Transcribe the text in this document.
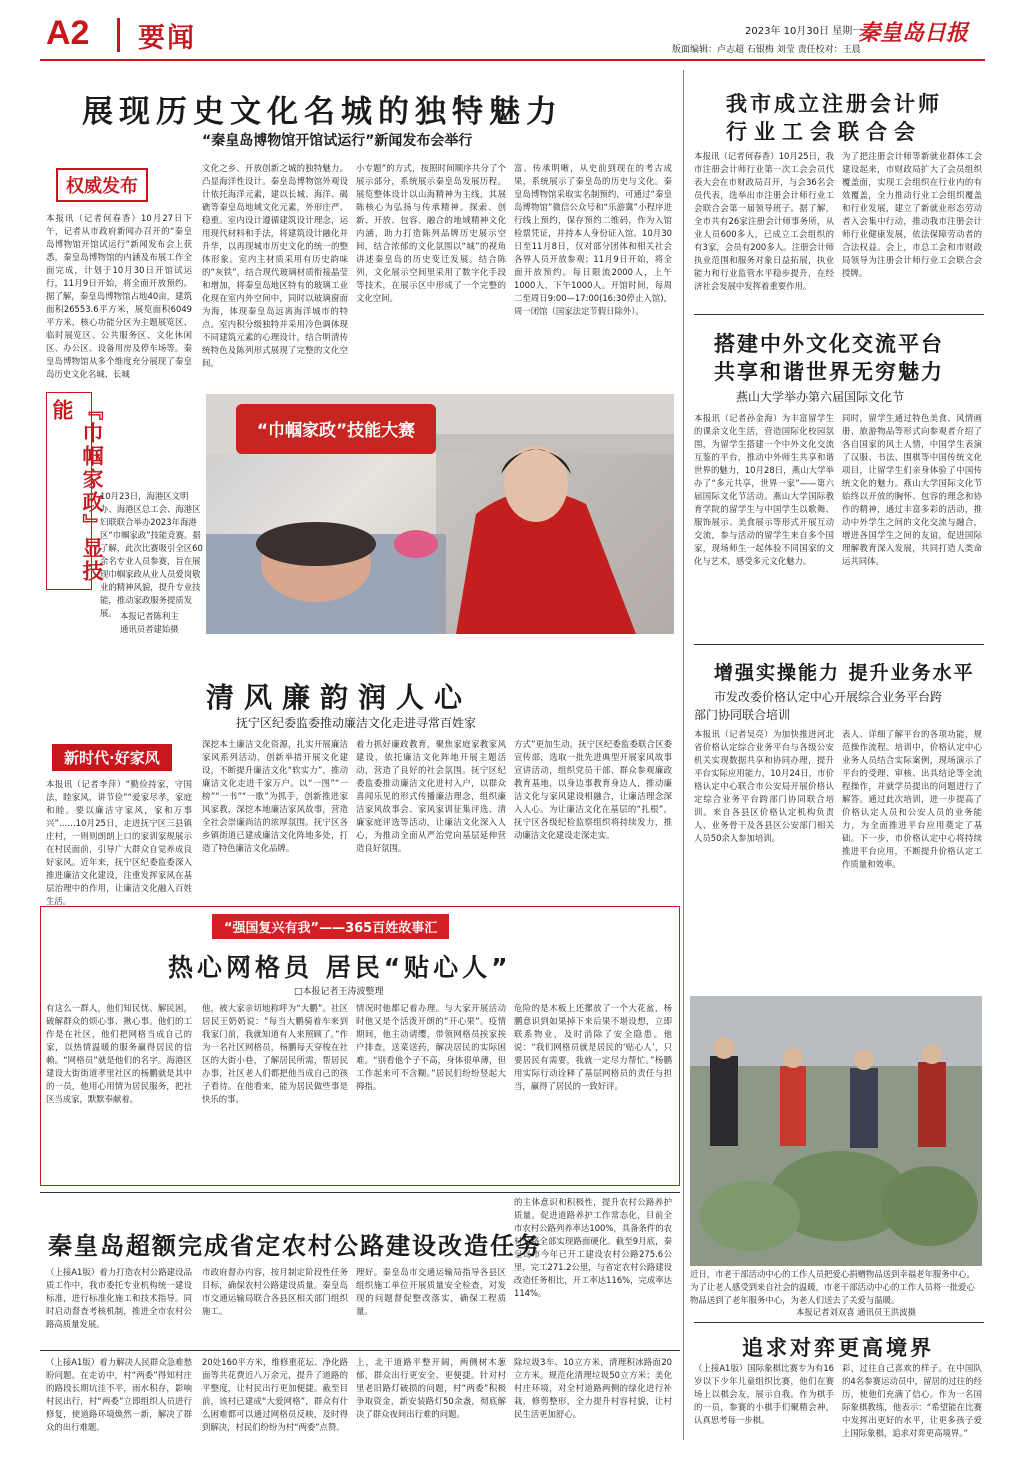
A2 要闻	2023年 10月30日 星期一
版面编辑：卢志超 石银梅 刘莹 责任校对：王晨
秦皇岛日报
展现历史文化名城的独特魅力
“秦皇岛博物馆开馆试运行”新闻发布会举行
权威发布
本报讯（记者何春香）10月27日下午，记者从市政府新闻办召开的“秦皇岛博物馆开馆试运行”新闻发布会上获悉，秦皇岛博物馆的内涵及布展工作全面完成，计划于10月30日开馆试运行，11月9日开始，将全面开放预约。据了解，秦皇岛博物馆占地40亩，建筑面积26553.6平方米，展览面积6049平方米，核心功能分区为主题展览区、临时展览区、公共服务区、文化休闲区、办公区、设备用房及停车场等。秦皇岛博物馆从多个维度充分展现了秦皇岛历史文化名城、长城
文化之乡、开放创新之城的独特魅力。凸显海洋性设计。秦皇岛博物馆外观设计依托海洋元素，建以长城、海洋、碣礁等秦皇岛地域文化元素，外形庄严、稳重。室内设计遵循建筑设计理念，运用现代材料和手法，将建筑设计融化并升华，以再现城市历史文化的统一的整体形象。室内主材质采用有历史韵味的“灰铁”，结合现代玻璃材质衔接晶莹和增加，将秦皇岛地区特有的玻璃工业化现在室内外空间中，同时以玻璃窗面为海，体现秦皇岛远离海洋城市的特点。室内积分级独特并采用冷色调体现不同建筑元素的心理设计，结合明清传统特色及陈列形式展现了完整的文化空间。
小专题”的方式，按照时间顺序共分了个展示部分，系统展示秦皇岛发展历程。展览整体设计以山海精神为主线，其展陈核心为弘扬与传承精神。探索、创新、开放、包容、融合的地域精神文化内涵，助力打造陈列品牌历史展示空间，结合浓郁的文化氛围以“城”的视角讲述秦皇岛的历史变迁发展。结合陈列，文化展示空间里采用了数字化手段等技术，在展示区中形成了一个完整的文化空间。
富、传承明晰，从史前到现在的考古成果，系统展示了秦皇岛的历史与文化。秦皇岛博物馆采取实名制预约，可通过“秦皇岛博物馆”微信公众号和“乐游冀”小程序进行线上预约，保存预约二维码，作为入馆检票凭证，并持本人身份证入馆。10月30日至11月8日，仅对部分团体和相关社会各界人员开放参观；11月9日开始，将全面开放预约。每日限流2000人，上午1000人，下午1000人。开馆时间，每周二至周日9:00—17:00(16:30停止入馆)，周一闭馆（国家法定节假日除外）。
我市成立注册会计师
行业工会联合会
本报讯（记者何春香）10月25日，我市注册会计师行业第一次工会会员代表大会在市财政局召开，与会36名会员代表，选举出市注册会计师行业工会联合会第一届领导班子。据了解，全市共有26家注册会计师事务所，从业人员600多人，已成立工会组织的有3家，会员有200多人。注册会计师执业范围和服务对象日益拓展，执业能力和行业监管水平稳步提升，在经济社会发展中发挥着重要作用。
为了把注册会计师等新就业群体工会建设起来，市财政局扩大了会员组织覆盖面，实现工会组织在行业内的有效覆盖，全力推动行业工会组织覆盖和行业发展，建立了新就业形态劳动者入会集中行动，推动我市注册会计师行业健康发展，依法保障劳动者的合法权益。会上，市总工会和市财政局领导为注册会计师行业工会联合会授牌。
搭建中外文化交流平台
共享和谐世界无穷魅力
燕山大学举办第六届国际文化节
本报讯（记者孙金海）为丰富留学生的课余文化生活，营造国际化校园氛围，为留学生搭建一个中外文化交流互鉴的平台，推动中外师生共享和谐世界的魅力，10月28日，燕山大学举办了“多元共享，世界一家”——第六届国际文化节活动。燕山大学国际教育学院的留学生与中国学生以歌舞、服饰展示、美食展示等形式开展互动交流，参与活动的留学生来自多个国家，现场师生一起体验不同国家的文化与艺术，感受多元文化魅力。
同时，留学生通过特色美食、风情画册、旅游物品等形式向参观者介绍了各自国家的风土人情，中国学生表演了汉服、书法、围棋等中国传统文化项目，让留学生们亲身体验了中国传统文化的魅力。燕山大学国际文化节始终以开放的胸怀、包容的理念和协作的精神，通过丰富多彩的活动，推动中外学生之间的文化交流与融合，增进各国学生之间的友谊，促进国际理解教育深入发展，共同打造人类命运共同体。
『巾帼家政』显技能
10月23日，海港区文明办、海港区总工会、海港区妇联联合举办2023年海港区“巾帼家政”技能竞赛。据了解，此次比赛吸引全区60余名专业人员参赛，旨在展现巾帼家政从业人员爱岗敬业的精神风貌，提升专业技能，推动家政服务提质发展。 本报记者陈利主
通讯员者建始摄
“巾帼家政”技能大赛
清风廉韵润人心
抚宁区纪委监委推动廉洁文化走进寻常百姓家
新时代·好家风
本报讯（记者李萍）“勤俭持家，守国法，睦家风，讲节俭”“爱家尽孝，家庭和睦。要以廉洁守家风，家和万事兴”……10月25日，走进抚宁区三县镇庄村，一则则朗朗上口的家训家规展示在村民面前，引导广大群众自觉养成良好家风。近年来，抚宁区纪委监委深入推进廉洁文化建设，注重发挥家风在基层治理中的作用，让廉洁文化融入百姓生活。
深挖本土廉洁文化资源，扎实开展廉洁家风系列活动，创新举措开展文化建设，不断提升廉洁文化“软实力”，推动廉洁文化走进千家万户。以“一图”“一榜”“一书”“一歌”为抓手，创新推进家风家教，深挖本地廉洁家风故事，营造全社会崇廉尚洁的浓厚氛围。抚宁区各乡镇街道已建成廉洁文化阵地多处，打造了特色廉洁文化品牌。
着力抓好廉政教育，聚焦家庭家教家风建设，依托廉洁文化阵地开展主题活动，营造了良好的社会氛围。抚宁区纪委监委推动廉洁文化进村入户，以群众喜闻乐见的形式传播廉洁理念，组织廉洁家风故事会、家风家训征集评选、清廉家庭评选等活动，让廉洁文化深入人心，为推动全面从严治党向基层延伸营造良好氛围。
方式”更加生动，抚宁区纪委监委联合区委宣传部，选取一批先进典型开展家风故事宣讲活动，组织党员干部、群众参观廉政教育基地，以身边事教育身边人，推动廉洁文化与家风建设相融合，让廉洁理念深入人心。为让廉洁文化在基层的“扎根”，抚宁区各级纪检监察组织将持续发力，推动廉洁文化建设走深走实。
“强国复兴有我”——365百姓故事汇
热心网格员 居民“贴心人”
□本报记者王涛波整理
有这么一群人，他们知民忧、解民困，破解群众的烦心事、揪心事。他们的工作是在社区，他们把网格当成自己的家，以热情温暖的服务赢得居民的信赖。“网格员”就是他们的名字。海港区建设大街街道孝里社区的杨鹏就是其中的一员，他用心用情为居民服务，把社区当成家，默默奉献着。
他，被大家亲切地称呼为“大鹏”。社区居民王奶奶说：“每当大鹏骑着车来到我家门前，我就知道有人来照顾了。”作为一名社区网格员，杨鹏每天穿梭在社区的大街小巷，了解居民所需，帮居民办事，社区老人们都把他当成自己的孩子看待。在他看来，能为居民做些事是快乐的事。
情况时他都记着办理。与大家开展活动时他又是个活泼开朗的“开心果”。疫情期间，他主动请缨，带领网格员挨家挨户排查，送菜送药，解决居民的实际困难。“别看他个子不高，身体很单薄，但工作起来可不含糊。”居民们纷纷竖起大拇指。
危险的是木板上还摞放了一个大花盆，杨鹏意识到如果掉下来后果不堪设想，立即联系物业，及时消除了安全隐患。他说：“我们网格员就是居民的‘贴心人’，只要居民有需要，我就一定尽力帮忙。”杨鹏用实际行动诠释了基层网格员的责任与担当，赢得了居民的一致好评。
增强实操能力 提升业务水平
市发改委价格认定中心开展综合业务平台跨
部门协同联合培训
本报讯（记者吴亮）为加快推进河北省价格认定综合业务平台与各级公安机关实现数据共享和协同办理，提升平台实际应用能力，10月24日，市价格认定中心联合市公安局开展价格认定综合业务平台跨部门协同联合培训。来自各县区价格认定机构负责人、业务骨干及各县区公安部门相关人员50余人参加培训。
表人、详细了解平台的各项功能，规范操作流程。培训中，价格认定中心业务人员结合实际案例，现场演示了平台的受理、审核、出具结论等全流程操作，并就学员提出的问题进行了解答。通过此次培训，进一步提高了价格认定人员和公安人员的业务能力，为全面推进平台应用奠定了基础。下一步，市价格认定中心将持续推进平台应用，不断提升价格认定工作质量和效率。
近日，市老干部活动中心的工作人员把爱心捐赠物品送到幸福老年服务中心。为了让老人感受到来自社会的温暖，市老干部活动中心的工作人员将一批爱心物品送到了老年服务中心，为老人们送去了关爱与温暖。
本报记者刘双喜 通讯员王洪波摄
追求对弈更高境界
（上接A1版）国际象棋比赛专为有16岁以下少年儿童组织比赛，他们在赛场上以棋会友，展示自我。作为棋手的一员，参赛的小棋手们聚精会神，认真思考每一步棋。
彩，过往自己喜欢的样子。在中国队的4名参赛运动员中，留居的过往的经历，使他们充满了信心。作为一名国际象棋教练，他表示：“希望能在比赛中发挥出更好的水平，让更多孩子爱上国际象棋，追求对弈更高境界。”
秦皇岛超额完成省定农村公路建设改造任务
（上接A1版）着力打造农村公路建设品质工作中，我市委托专业机构统一建设标准，进行标准化施工和技术指导。同时启动督查考核机制，推进全市农村公路高质量发展。
市政府督办内容，按月制定阶段性任务目标，确保农村公路建设质量。秦皇岛市交通运输局联合各县区相关部门组织施工。
理好。秦皇岛市交通运输局指导各县区组织施工单位开展质量安全检查，对发现的问题督促整改落实，确保工程质量。
的主体意识和积极性，提升农村公路养护质量。促进道路养护工作常态化，目前全市农村公路列养率达100%，具备条件的农村公路全部实现路面硬化。截至9月底，秦皇岛市今年已开工建设农村公路275.6公里，完工271.2公里，与省定农村公路建设改造任务相比，开工率达116%，完成率达114%。
（上接A1版）着力解决人民群众急难愁盼问题。在走访中，村“两委”得知村庄的路段长期坑洼不平，雨水积存，影响村民出行，村“两委”立即组织人员进行修复，使道路环境焕然一新，解决了群众的出行难题。
20处160平方米，维修重花坛、净化路面等共花费近八万余元，提升了道路的平整度，让村民出行更加便捷。截至目前，该村已建成“大爱网格”，群众有什么困难都可以通过网格员反映，及时得到解决，村民们纷纷为村“两委”点赞。
上，北干道路平整开阔，两侧树木葱郁，群众出行更安全、更便捷。针对村里老旧路灯破损的问题，村“两委”积极争取资金，新安装路灯50余盏，彻底解决了群众夜间出行难的问题。
除垃圾3车、10立方米，清理积冰路面20立方米。规范化清理垃圾50立方米；美化村庄环境，对全村道路两侧的绿化进行补栽，修剪整形，全力提升村容村貌，让村民生活更加舒心。
